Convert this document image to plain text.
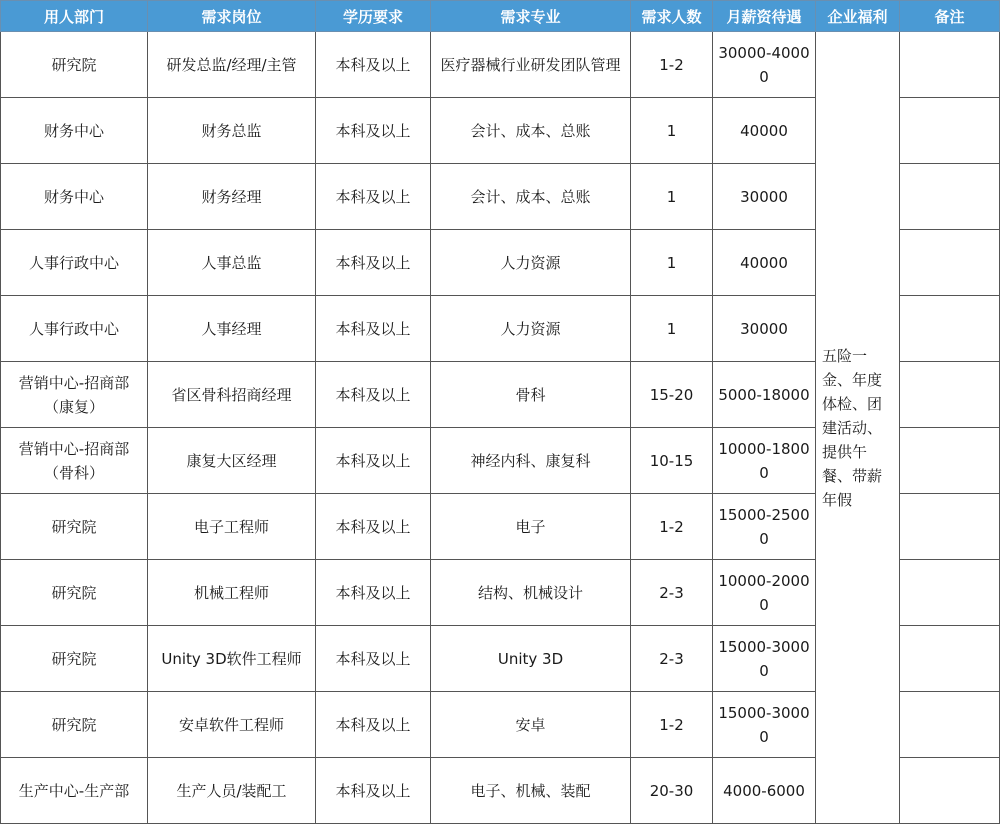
用人部门	需求岗位	学历要求	需求专业	需求人数	月薪资待遇	企业福利	备注
研究院	研发总监/经理/主管	本科及以上	医疗器械行业研发团队管理	1-2	30000-40000	五险一金、年度体检、团建活动、提供午餐、带薪年假	

财务中心	财务总监	本科及以上	会计、成本、总账	1	40000		
财务中心	财务经理	本科及以上	会计、成本、总账	1	30000		
人事行政中心	人事总监	本科及以上	人力资源	1	40000		
人事行政中心	人事经理	本科及以上	人力资源	1	30000		
营销中心-招商部（康复）	省区骨科招商经理	本科及以上	骨科	15-20	5000-18000		
营销中心-招商部（骨科）	康复大区经理	本科及以上	神经内科、康复科	10-15	10000-18000		
研究院	电子工程师	本科及以上	电子	1-2	15000-25000		
研究院	机械工程师	本科及以上	结构、机械设计	2-3	10000-20000		
研究院	Unity 3D软件工程师	本科及以上	Unity 3D	2-3	15000-30000		
研究院	安卓软件工程师	本科及以上	安卓	1-2	15000-30000		
生产中心-生产部	生产人员/装配工	本科及以上	电子、机械、装配	20-30	4000-6000		
